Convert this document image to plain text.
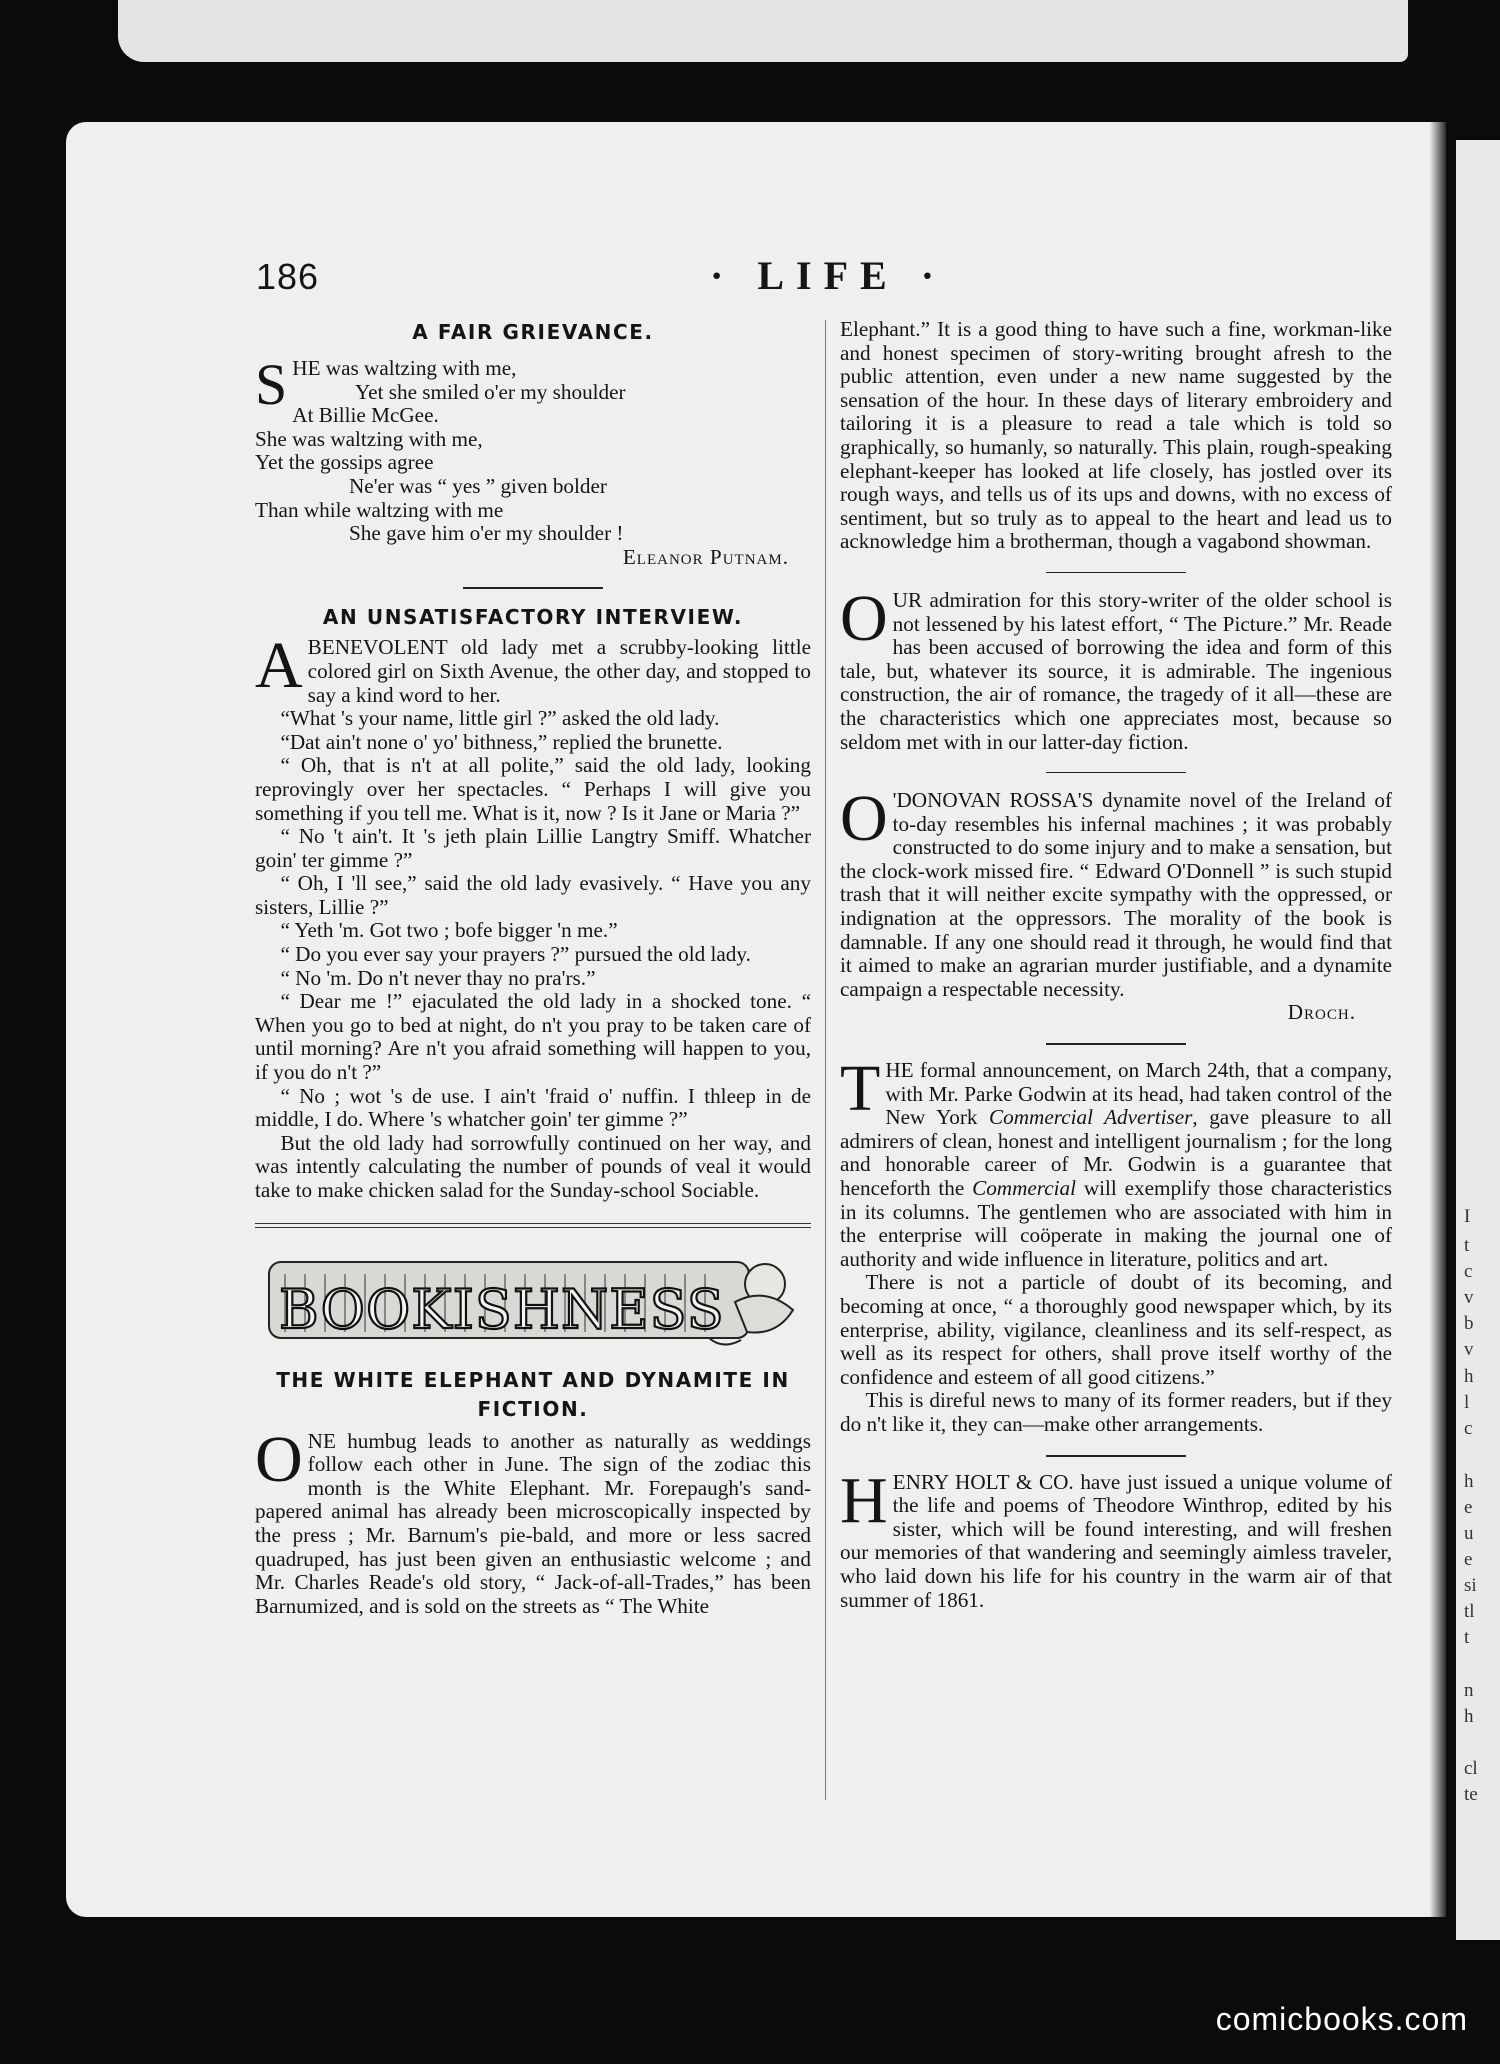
I
t
c
v
b
v
h
l
c
h
e
u
e
si
tl
t
n
h
cl
te
186	· LIFE ·
A FAIR GRIEVANCE.
SHE was waltzing with me,
Yet she smiled o'er my shoulder
At Billie McGee.
She was waltzing with me,
Yet the gossips agree
Ne'er was “ yes ” given bolder
Than while waltzing with me
She gave him o'er my shoulder !
Eleanor Putnam.
AN UNSATISFACTORY INTERVIEW.

ABENEVOLENT old lady met a scrubby-looking little colored girl on Sixth Avenue, the other day, and stopped to say a kind word to her.

“What 's your name, little girl ?” asked the old lady.

“Dat ain't none o' yo' bithness,” replied the brunette.

“ Oh, that is n't at all polite,” said the old lady, looking reprovingly over her spectacles. “ Perhaps I will give you something if you tell me. What is it, now ? Is it Jane or Maria ?”

“ No 't ain't. It 's jeth plain Lillie Langtry Smiff. Whatcher goin' ter gimme ?”

“ Oh, I 'll see,” said the old lady evasively. “ Have you any sisters, Lillie ?”

“ Yeth 'm. Got two ; bofe bigger 'n me.”

“ Do you ever say your prayers ?” pursued the old lady.

“ No 'm. Do n't never thay no pra'rs.”

“ Dear me !” ejaculated the old lady in a shocked tone. “ When you go to bed at night, do n't you pray to be taken care of until morning? Are n't you afraid something will happen to you, if you do n't ?”

“ No ; wot 's de use. I ain't 'fraid o' nuffin. I thleep in de middle, I do. Where 's whatcher goin' ter gimme ?”

But the old lady had sorrowfully continued on her way, and was intently calculating the number of pounds of veal it would take to make chicken salad for the Sunday-school Sociable.

BOOKISHNESS
THE WHITE ELEPHANT AND DYNAMITE IN FICTION.

ONE humbug leads to another as naturally as weddings follow each other in June. The sign of the zodiac this month is the White Elephant. Mr. Forepaugh's sand-papered animal has already been microscopically inspected by the press ; Mr. Barnum's pie-bald, and more or less sacred quadruped, has just been given an enthusiastic welcome ; and Mr. Charles Reade's old story, “ Jack-of-all-Trades,” has been Barnumized, and is sold on the streets as “ The White

Elephant.” It is a good thing to have such a fine, workman-like and honest specimen of story-writing brought afresh to the public attention, even under a new name suggested by the sensation of the hour. In these days of literary embroidery and tailoring it is a pleasure to read a tale which is told so graphically, so humanly, so naturally. This plain, rough-speaking elephant-keeper has looked at life closely, has jostled over its rough ways, and tells us of its ups and downs, with no excess of sentiment, but so truly as to appeal to the heart and lead us to acknowledge him a brotherman, though a vagabond showman.

OUR admiration for this story-writer of the older school is not lessened by his latest effort, “ The Picture.” Mr. Reade has been accused of borrowing the idea and form of this tale, but, whatever its source, it is admirable. The ingenious construction, the air of romance, the tragedy of it all—these are the characteristics which one appreciates most, because so seldom met with in our latter-day fiction.

O 'DONOVAN ROSSA'S dynamite novel of the Ireland of to-day resembles his infernal machines ; it was probably constructed to do some injury and to make a sensation, but the clock-work missed fire. “ Edward O'Donnell ” is such stupid trash that it will neither excite sympathy with the oppressed, or indignation at the oppressors. The morality of the book is damnable. If any one should read it through, he would find that it aimed to make an agrarian murder justifiable, and a dynamite campaign a respectable necessity.

Droch.

THE formal announcement, on March 24th, that a company, with Mr. Parke Godwin at its head, had taken control of the New York Commercial Advertiser, gave pleasure to all admirers of clean, honest and intelligent journalism ; for the long and honorable career of Mr. Godwin is a guarantee that henceforth the Commercial will exemplify those characteristics in its columns. The gentlemen who are associated with him in the enterprise will coöperate in making the journal one of authority and wide influence in literature, politics and art.

There is not a particle of doubt of its becoming, and becoming at once, “ a thoroughly good newspaper which, by its enterprise, ability, vigilance, cleanliness and its self-respect, as well as its respect for others, shall prove itself worthy of the confidence and esteem of all good citizens.”

This is direful news to many of its former readers, but if they do n't like it, they can—make other arrangements.

HENRY HOLT & CO. have just issued a unique volume of the life and poems of Theodore Winthrop, edited by his sister, which will be found interesting, and will freshen our memories of that wandering and seemingly aimless traveler, who laid down his life for his country in the warm air of that summer of 1861.

comicbooks.com
